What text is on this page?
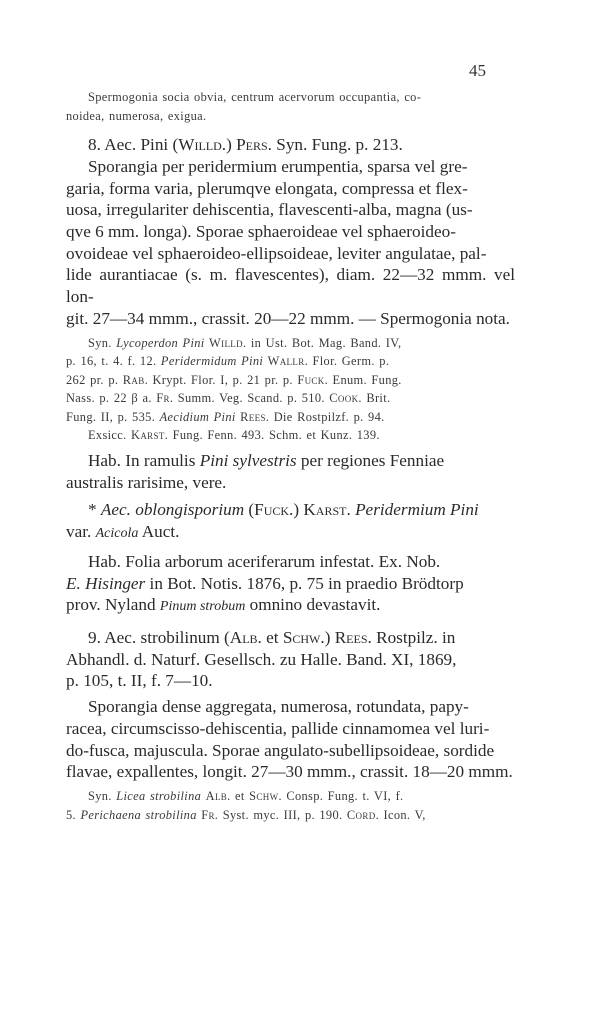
45

Spermogonia socia obvia, centrum acervorum occupantia, co-
noidea, numerosa, exigua.

8. Aec. Pini (Willd.) Pers. Syn. Fung. p. 213.

Sporangia per peridermium erumpentia, sparsa vel gre-
garia, forma varia, plerumqve elongata, compressa et flex-
uosa, irregulariter dehiscentia, flavescenti-alba, magna (us-
qve 6 mm. longa). Sporae sphaeroideae vel sphaeroideo-
ovoideae vel sphaeroideo-ellipsoideae, leviter angulatae, pal-
lide aurantiacae (s. m. flavescentes), diam. 22—32 mmm. vel lon-
git. 27—34 mmm., crassit. 20—22 mmm. — Spermogonia nota.

Syn. Lycoperdon Pini Willd. in Ust. Bot. Mag. Band. IV,
p. 16, t. 4. f. 12. Peridermidum Pini Wallr. Flor. Germ. p.
262 pr. p. Rab. Krypt. Flor. I, p. 21 pr. p. Fuck. Enum. Fung.
Nass. p. 22 β a. Fr. Summ. Veg. Scand. p. 510. Cook. Brit.
Fung. II, p. 535. Aecidium Pini Rees. Die Rostpilzf. p. 94.

Exsicc. Karst. Fung. Fenn. 493. Schm. et Kunz. 139.

Hab. In ramulis Pini sylvestris per regiones Fenniae
australis rarisime, vere.

* Aec. oblongisporium (Fuck.) Karst. Peridermium Pini
var. Acicola Auct.

Hab. Folia arborum aceriferarum infestat. Ex. Nob.
E. Hisinger in Bot. Notis. 1876, p. 75 in praedio Brödtorp
prov. Nyland Pinum strobum omnino devastavit.

9. Aec. strobilinum (Alb. et Schw.) Rees. Rostpilz. in
Abhandl. d. Naturf. Gesellsch. zu Halle. Band. XI, 1869,
p. 105, t. II, f. 7—10.

Sporangia dense aggregata, numerosa, rotundata, papy-
racea, circumscisso-dehiscentia, pallide cinnamomea vel luri-
do-fusca, majuscula. Sporae angulato-subellipsoideae, sordide
flavae, expallentes, longit. 27—30 mmm., crassit. 18—20 mmm.

Syn. Licea strobilina Alb. et Schw. Consp. Fung. t. VI, f.
5. Perichaena strobilina Fr. Syst. myc. III, p. 190. Cord. Icon. V,
